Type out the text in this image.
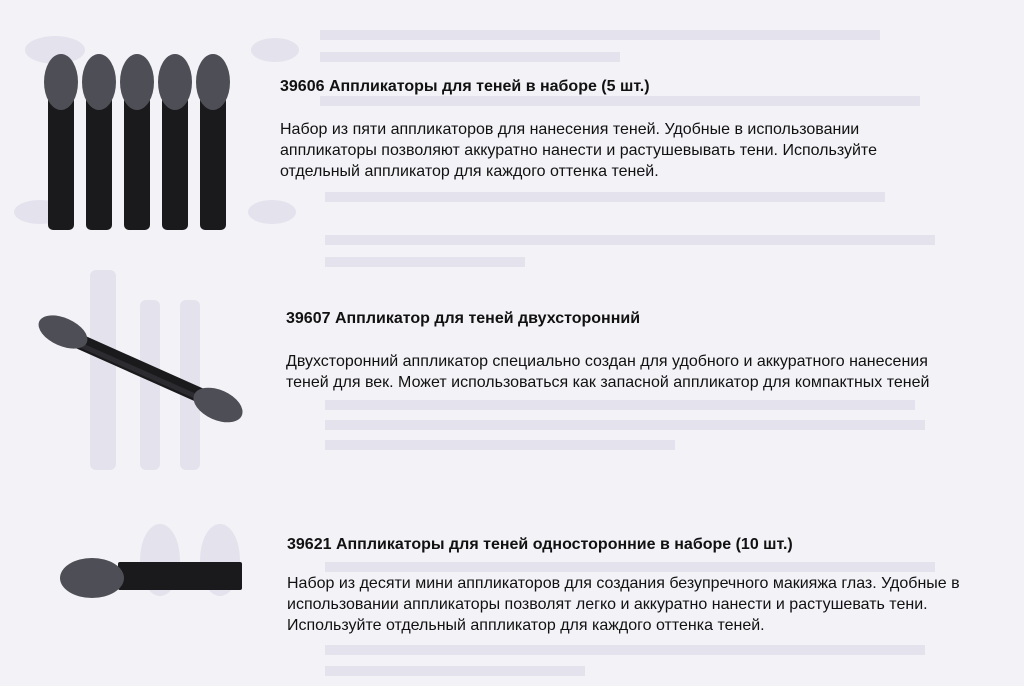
39606 Аппликаторы для теней в наборе (5 шт.)

Набор из пяти аппликаторов для нанесения теней. Удобные в использовании аппликаторы позволяют аккуратно нанести и растушевывать тени. Используйте отдельный аппликатор для каждого оттенка теней.

39607 Аппликатор для теней двухсторонний

Двухсторонний аппликатор специально создан для удобного и аккуратного нанесения теней для век. Может использоваться как запасной аппликатор для компактных теней

39621 Аппликаторы для теней односторонние в наборе (10 шт.)

Набор из десяти мини аппликаторов для создания безупречного макияжа глаз. Удобные в использовании аппликаторы позволят легко и аккуратно нанести и растушевать тени. Используйте отдельный аппликатор для каждого оттенка теней.
